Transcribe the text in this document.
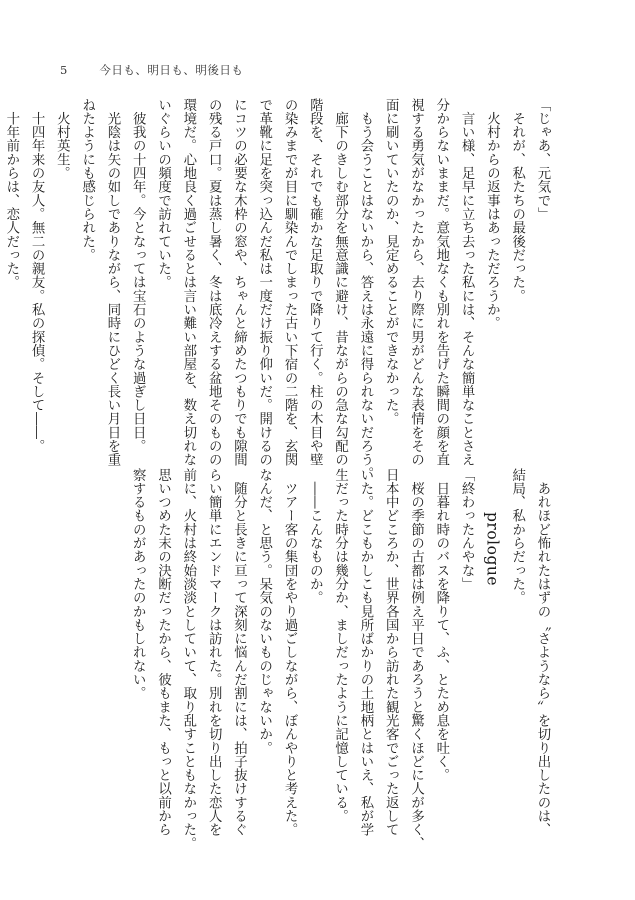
5	今日も、明日も、明後日も

「じゃあ、元気で」

　それが、私たちの最後だった。

　火村からの返事はあっただろうか。

　言い様、足早に立ち去った私には、そんな簡単なことさえ

分からないままだ。意気地なくも別れを告げた瞬間の顔を直

視する勇気がなかったから、去り際に男がどんな表情をその

面に刷いていたのか、見定めることができなかった。

　もう会うことはないから、答えは永遠に得られないだろう。

　廊下のきしむ部分を無意識に避け、昔ながらの急な勾配の

階段を、それでも確かな足取りで降りて行く。柱の木目や壁

の染みまでが目に馴染んでしまった古い下宿の二階を、玄関

で革靴に足を突っ込んだ私は一度だけ振り仰いだ。開けるの

にコツの必要な木枠の窓や、ちゃんと締めたつもりでも隙間

の残る戸口。夏は蒸し暑く、冬は底冷えする盆地そのものの

環境だ。心地良く過ごせるとは言い難い部屋を、数え切れな

いぐらいの頻度で訪れていた。

　彼我の十四年。今となっては宝石のような過ぎし日日。

　光陰は矢の如しでありながら、同時にひどく長い月日を重

ねたようにも感じられた。

　火村英生。

　十四年来の友人。無二の親友。私の探偵。そして――。

　十年前からは、恋人だった。

　あれほど怖れたはずの〝さようなら〟を切り出したのは、

結局、私からだった。

prologue

「終わったんやな」

　日暮れ時のバスを降りて、ふ、とため息を吐く。

　桜の季節の古都は例え平日であろうと驚くほどに人が多く、

日本中どころか、世界各国から訪れた観光客でごった返して

いた。どこもかしこも見所ばかりの土地柄とはいえ、私が学

生だった時分は幾分か、ましだったように記憶している。

　――こんなものか。

　ツアー客の集団をやり過ごしながら、ぼんやりと考えた。

なんだ、と思う。呆気のないものじゃないか。

　随分と長きに亘って深刻に悩んだ割には、拍子抜けするぐ

らい簡単にエンドマークは訪れた。別れを切り出した恋人を

前に、火村は終始淡淡としていて、取り乱すこともなかった。

思いつめた末の決断だったから、彼もまた、もっと以前から

察するものがあったのかもしれない。
